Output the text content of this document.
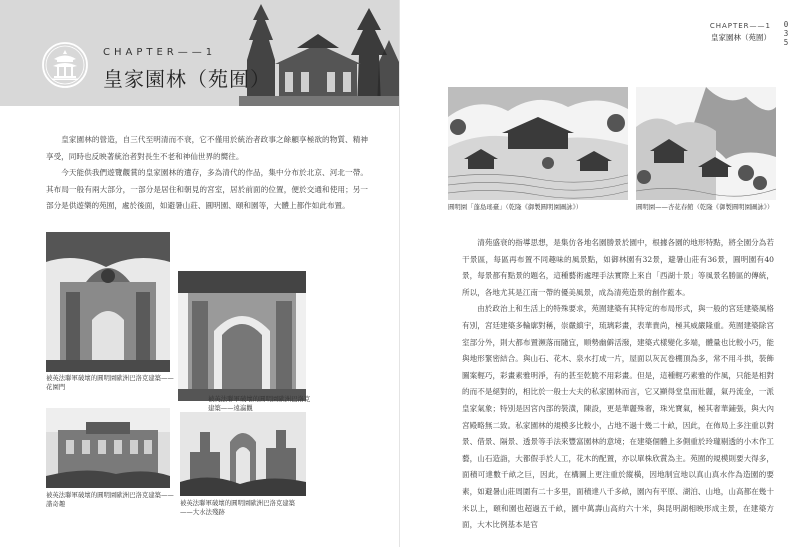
CHAPTER——1
皇家園林（苑囿）

皇家園林的營造，自三代至明清而不衰，它不僅用於統治者政事之餘顧享極欲的物質、精神享受，同時也反映著統治者對長生不老和神仙世界的嚮往。

今天能供我們遊覽觀賞的皇家園林的遺存，多為清代的作品，集中分布於北京、河北一帶。其布局一般有兩大部分，一部分是居住和朝見的宮室，居於前面的位置，便於交通和使用；另一部分是供遊樂的苑囿，處於後面，如避暑山莊、圓明園、頤和園等，大體上都作如此布置。

被英法聯軍破壞的圓明園歐洲巴洛克建築——花園門
被英法聯軍破壞的圓明園歐洲巴洛克建築——遠瀛觀
被英法聯軍破壞的圓明園歐洲巴洛克建築——諧奇趣	被英法聯軍破壞的圓明園歐洲巴洛克建築——大水法殘跡
CHAPTER——1
皇家園林（苑囿）
0
3
5
圓明園「蓬島瑤臺」（乾隆《御製圓明園圖詠》）	圓明園——杏花春館（乾隆《御製圓明園圖詠》）

清苑盛衰的指導思想，是集仿各地名園勝景於園中，根據各園的地形特點，將全園分為若干景區，每區再布置不同趣味的風景點，如御林園有32景，避暑山莊有36景，圓明園有40景，每景都有點景的題名，這種藝術處理手法實際上來自「西湖十景」等風景名勝區的傳統，所以，各地尤其是江南一帶的優美風景，成為清苑造景的創作藍本。

由於政治上和生活上的特殊要求，苑囿建築有其特定的布局形式，與一般的宮廷建築風格有別，宮廷建築多輪廓對稱，崇嚴縝宇，琉璃彩畫，表華貴尚，極其威嚴隆重。苑囿建築除宮室部分外，則大都布置瀕落而隨宜，順勢幽僻活潑，建築式樣變化多端，體量也比較小巧，能與地形緊密結合。與山石、花木、泉水打成一片，屋面以灰瓦卷棚頂為多，常不用斗拱，裝飾圖案輕巧，彩畫素雅明淨，有的甚至乾脆不用彩畫。但是，這種輕巧素雅的作風，只能是相對的而不是絕對的，相比於一般士大夫的私家園林而言，它又顯得堂皇而壯麗，氣丹流金，一派皇家氣象；特別是因宮內部的裝潢，陳設，更是華麗殊奢，珠光寶氣，極其奢華鋪張，與大內宮殿略無二致。私家園林的規模多比較小，占地不過十幾二十畝，因此，在佈局上多注重以對景、借景、隔景、透景等手法來豐富園林的意境；在建築個體上多側重於玲瓏剔透的小木作工藝，山石造詣，大都假手於人工，花木的配置，亦以單株欣賞為主。苑囿的規模則要大得多，面積可達數千畝之巨，因此，在構圖上更注重於縱橫，因地制宜地以真山真水作為造園的要素，如避暑山莊周圍有二十多里，面積達八千多畝，園內有平原、湖泊、山地，山高都在幾十米以上，頤和園也超過五千畝，園中萬壽山高約六十米，與昆明湖相映形成主景，在建築方面，大木比例基本是官
